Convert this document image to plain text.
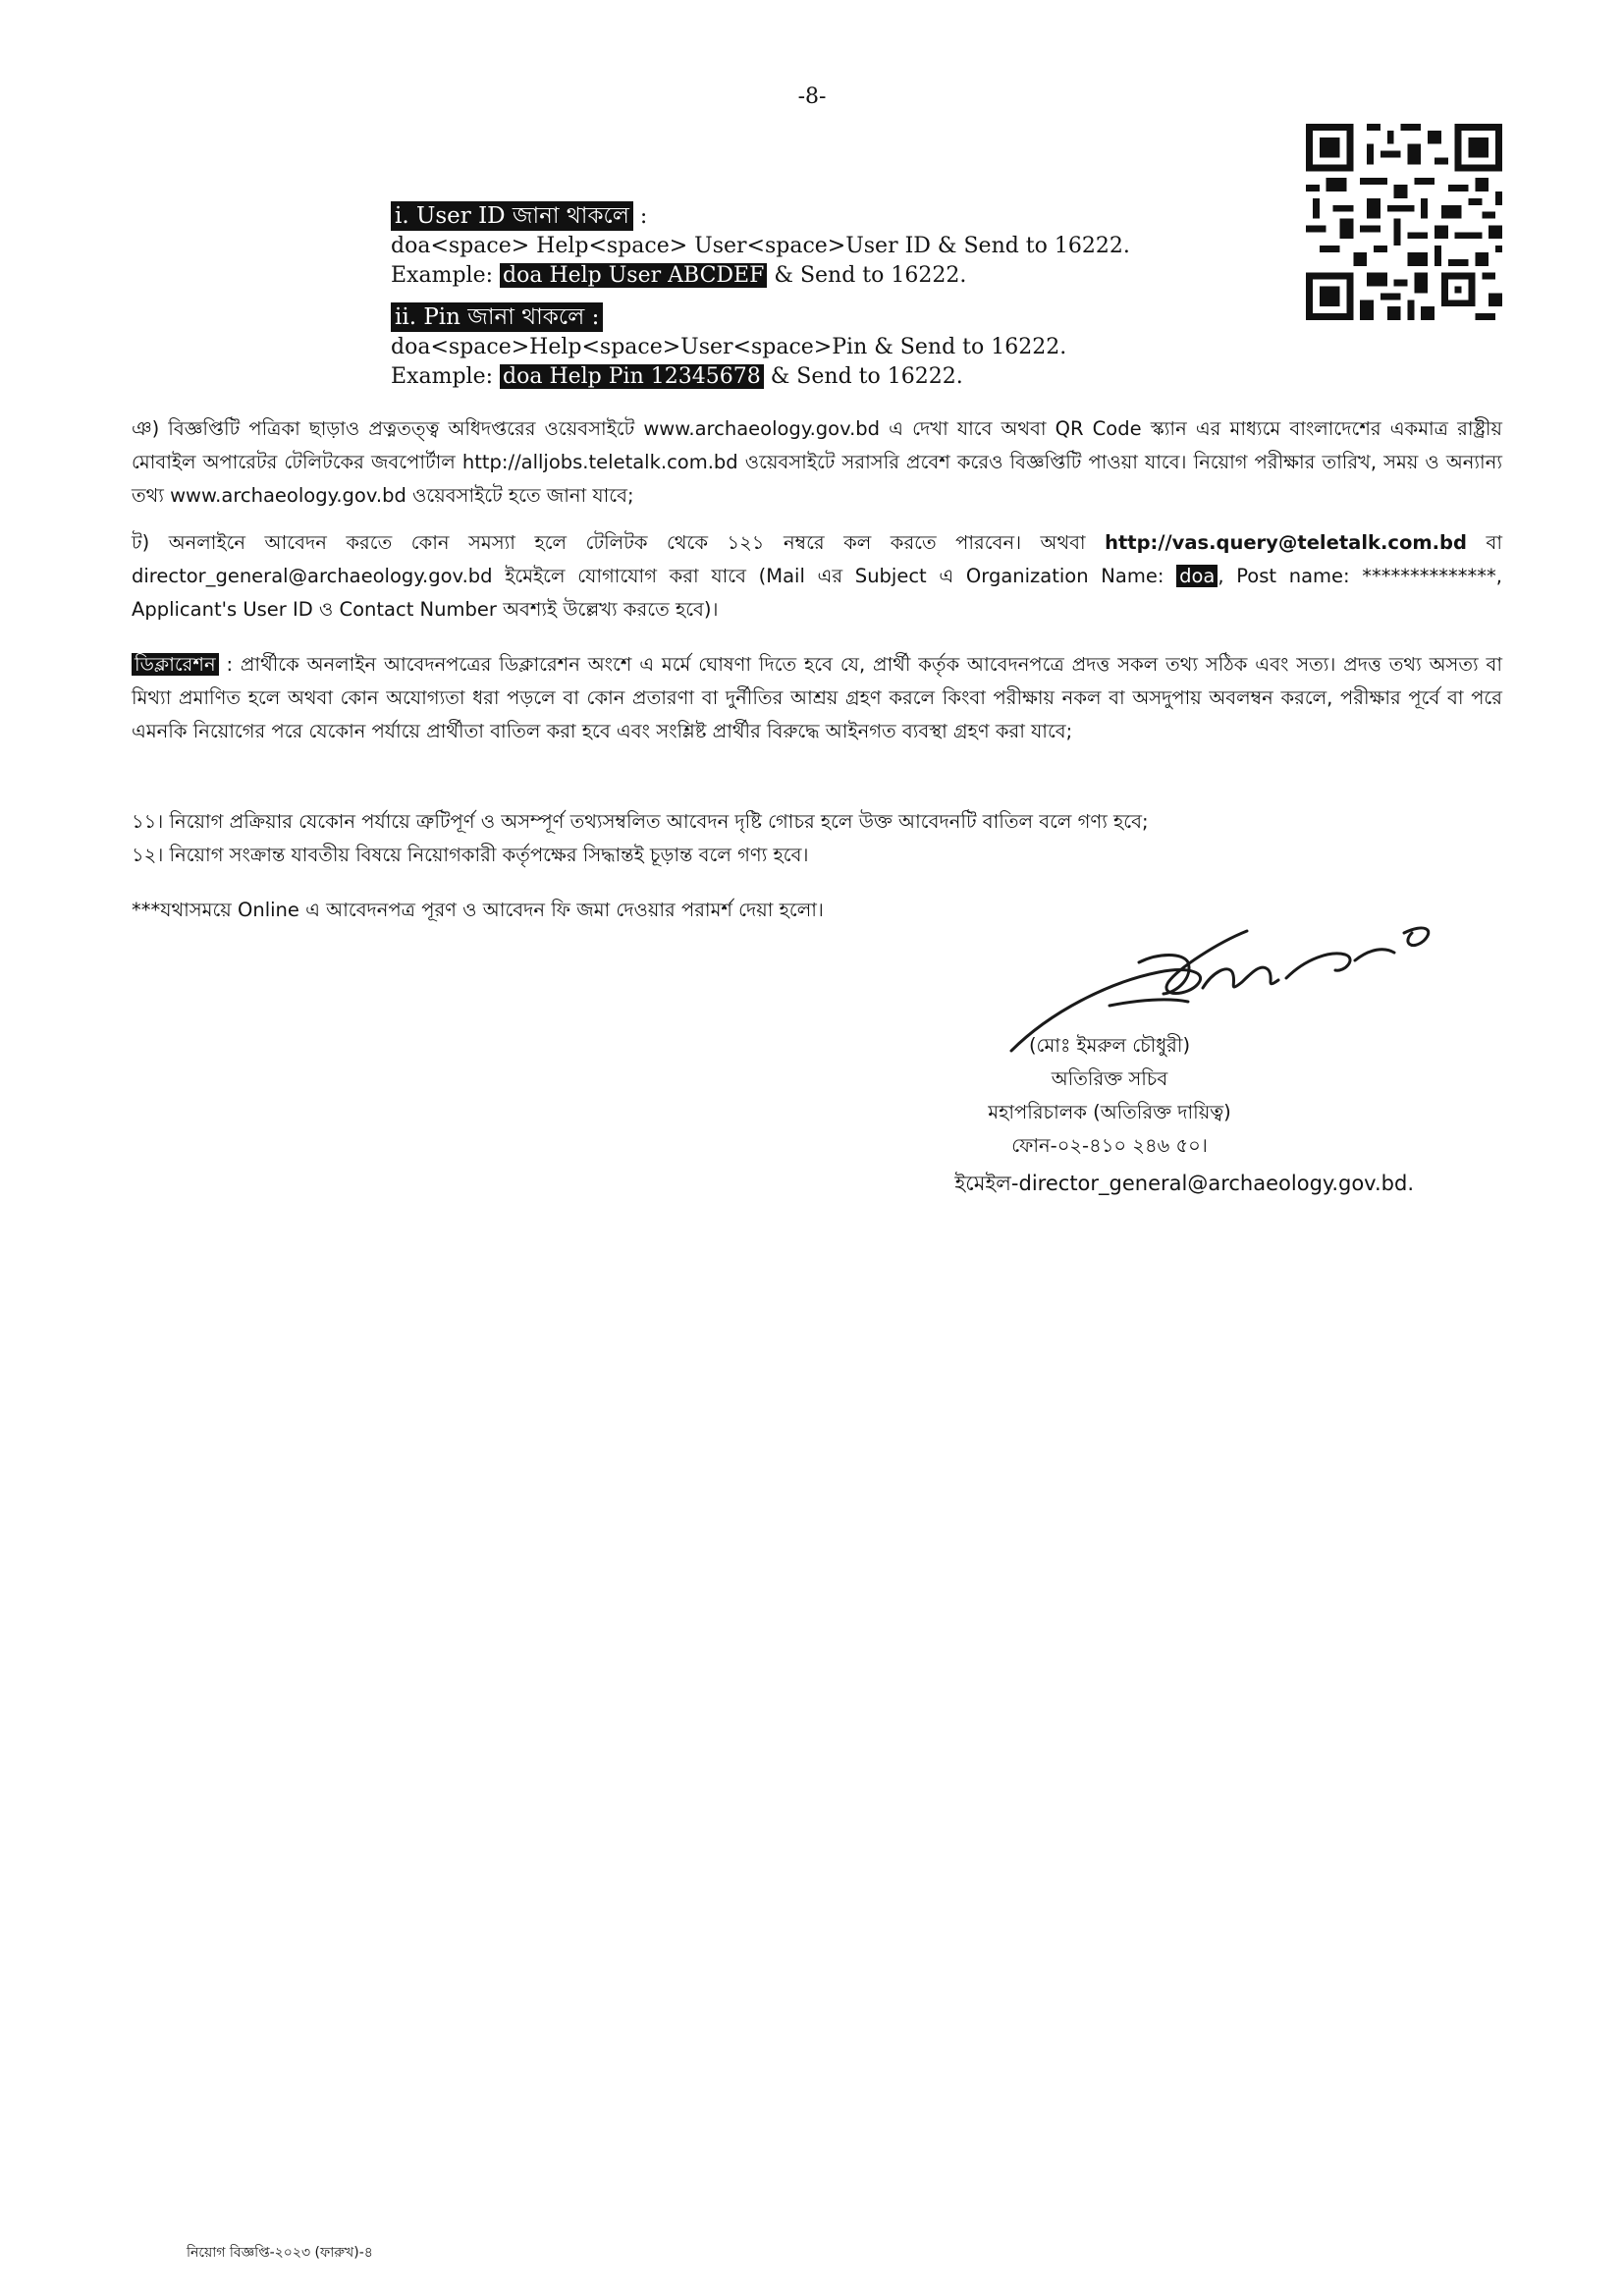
-8-
i. User ID জানা থাকলে :
doa<space> Help<space> User<space>User ID & Send to 16222.
Example: doa Help User ABCDEF & Send to 16222.
ii. Pin জানা থাকলে :
doa<space>Help<space>User<space>Pin & Send to 16222.
Example: doa Help Pin 12345678 & Send to 16222.

ঞ) বিজ্ঞপ্তিটি পত্রিকা ছাড়াও প্রত্নতত্ত্ব অধিদপ্তরের ওয়েবসাইটে www.archaeology.gov.bd এ দেখা যাবে অথবা QR Code স্ক্যান এর মাধ্যমে বাংলাদেশের একমাত্র রাষ্ট্রীয় মোবাইল অপারেটর টেলিটকের জবপোর্টাল http://alljobs.teletalk.com.bd ওয়েবসাইটে সরাসরি প্রবেশ করেও বিজ্ঞপ্তিটি পাওয়া যাবে। নিয়োগ পরীক্ষার তারিখ, সময় ও অন্যান্য তথ্য www.archaeology.gov.bd ওয়েবসাইটে হতে জানা যাবে;

ট) অনলাইনে আবেদন করতে কোন সমস্যা হলে টেলিটক থেকে ১২১ নম্বরে কল করতে পারবেন। অথবা http://vas.query@teletalk.com.bd বা director_general@archaeology.gov.bd ইমেইলে যোগাযোগ করা যাবে (Mail এর Subject এ Organization Name: doa , Post name: **************, Applicant's User ID ও Contact Number অবশ্যই উল্লেখ্য করতে হবে)।

ডিক্লারেশন : প্রার্থীকে অনলাইন আবেদনপত্রের ডিক্লারেশন অংশে এ মর্মে ঘোষণা দিতে হবে যে, প্রার্থী কর্তৃক আবেদনপত্রে প্রদত্ত সকল তথ্য সঠিক এবং সত্য। প্রদত্ত তথ্য অসত্য বা মিথ্যা প্রমাণিত হলে অথবা কোন অযোগ্যতা ধরা পড়লে বা কোন প্রতারণা বা দুর্নীতির আশ্রয় গ্রহণ করলে কিংবা পরীক্ষায় নকল বা অসদুপায় অবলম্বন করলে, পরীক্ষার পূর্বে বা পরে এমনকি নিয়োগের পরে যেকোন পর্যায়ে প্রার্থীতা বাতিল করা হবে এবং সংশ্লিষ্ট প্রার্থীর বিরুদ্ধে আইনগত ব্যবস্থা গ্রহণ করা যাবে;

১১। নিয়োগ প্রক্রিয়ার যেকোন পর্যায়ে ত্রুটিপূর্ণ ও অসম্পূর্ণ তথ্যসম্বলিত আবেদন দৃষ্টি গোচর হলে উক্ত আবেদনটি বাতিল বলে গণ্য হবে;

১২। নিয়োগ সংক্রান্ত যাবতীয় বিষয়ে নিয়োগকারী কর্তৃপক্ষের সিদ্ধান্তই চূড়ান্ত বলে গণ্য হবে।

***যথাসময়ে Online এ আবেদনপত্র পূরণ ও আবেদন ফি জমা দেওয়ার পরামর্শ দেয়া হলো।

(মোঃ ইমরুল চৌধুরী)
অতিরিক্ত সচিব
মহাপরিচালক (অতিরিক্ত দায়িত্ব)
ফোন-০২-৪১০ ২৪৬ ৫০।
ইমেইল-director_general@archaeology.gov.bd.
নিয়োগ বিজ্ঞপ্তি-২০২৩ (ফারুখ)-৪
